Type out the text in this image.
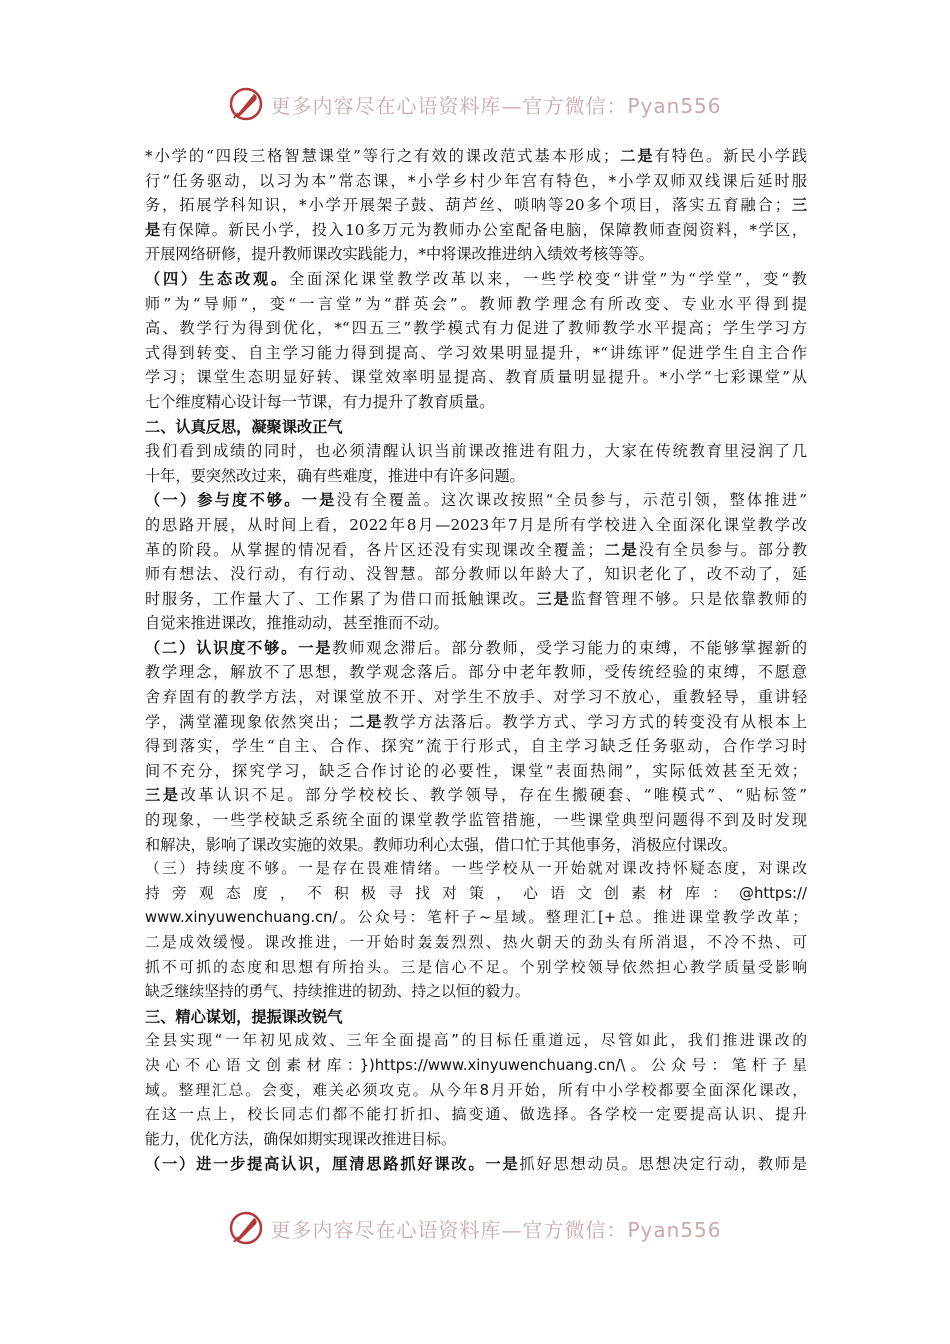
更多内容尽在心语资料库—官方微信：Pyan556
*小学的“四段三格智慧课堂”等行之有效的课改范式基本形成；二是有特色。新民小学践
行“任务驱动，以习为本”常态课，*小学乡村少年宫有特色，*小学双师双线课后延时服
务，拓展学科知识，*小学开展架子鼓、葫芦丝、唢呐等20多个项目，落实五育融合；三
是有保障。新民小学，投入10多万元为教师办公室配备电脑，保障教师查阅资料，*学区，
开展网络研修，提升教师课改实践能力，*中将课改推进纳入绩效考核等等。
（四）生态改观。全面深化课堂教学改革以来，一些学校变“讲堂”为“学堂”，变“教
师”为“导师”，变“一言堂”为“群英会”。教师教学理念有所改变、专业水平得到提
高、教学行为得到优化，*“四五三”教学模式有力促进了教师教学水平提高；学生学习方
式得到转变、自主学习能力得到提高、学习效果明显提升，*“讲练评”促进学生自主合作
学习；课堂生态明显好转、课堂效率明显提高、教育质量明显提升。*小学“七彩课堂”从
七个维度精心设计每一节课，有力提升了教育质量。
二、认真反思，凝聚课改正气
我们看到成绩的同时，也必须清醒认识当前课改推进有阻力，大家在传统教育里浸润了几
十年，要突然改过来，确有些难度，推进中有许多问题。
（一）参与度不够。一是没有全覆盖。这次课改按照“全员参与，示范引领，整体推进”
的思路开展，从时间上看，2022年8月—2023年7月是所有学校进入全面深化课堂教学改
革的阶段。从掌握的情况看，各片区还没有实现课改全覆盖；二是没有全员参与。部分教
师有想法、没行动，有行动、没智慧。部分教师以年龄大了，知识老化了，改不动了，延
时服务，工作量大了、工作累了为借口而抵触课改。三是监督管理不够。只是依靠教师的
自觉来推进课改，推推动动，甚至推而不动。
（二）认识度不够。一是教师观念滞后。部分教师，受学习能力的束缚，不能够掌握新的
教学理念，解放不了思想，教学观念落后。部分中老年教师，受传统经验的束缚，不愿意
舍弃固有的教学方法，对课堂放不开、对学生不放手、对学习不放心，重教轻导，重讲轻
学，满堂灌现象依然突出；二是教学方法落后。教学方式、学习方式的转变没有从根本上
得到落实，学生“自主、合作、探究”流于行形式，自主学习缺乏任务驱动，合作学习时
间不充分，探究学习，缺乏合作讨论的必要性，课堂“表面热闹”，实际低效甚至无效；
三是改革认识不足。部分学校校长、教学领导，存在生搬硬套、“唯模式”、“贴标签”
的现象，一些学校缺乏系统全面的课堂教学监管措施，一些课堂典型问题得不到及时发现
和解决，影响了课改实施的效果。教师功利心太强，借口忙于其他事务，消极应付课改。
（三）持续度不够。一是存在畏难情绪。一些学校从一开始就对课改持怀疑态度，对课改
持 旁 观 态 度 ， 不 积 极 寻 找 对 策 ， 心 语 文 创 素 材 库 ： @https://
www.xinyuwenchuang.cn/。公众号：笔杆子~星域。整理汇[+总。推进课堂教学改革；
二是成效缓慢。课改推进，一开始时轰轰烈烈、热火朝天的劲头有所消退，不冷不热、可
抓不可抓的态度和思想有所抬头。三是信心不足。个别学校领导依然担心教学质量受影响
缺乏继续坚持的勇气、持续推进的韧劲、持之以恒的毅力。
三、精心谋划，提振课改锐气
全县实现“一年初见成效、三年全面提高”的目标任重道远，尽管如此，我们推进课改的
决心不心语文创素材库：})https://www.xinyuwenchuang.cn/\。公众号：笔杆子星
域。整理汇总。会变，难关必须攻克。从今年8月开始，所有中小学校都要全面深化课改，
在这一点上，校长同志们都不能打折扣、搞变通、做选择。各学校一定要提高认识、提升
能力，优化方法，确保如期实现课改推进目标。
（一）进一步提高认识，厘清思路抓好课改。一是抓好思想动员。思想决定行动，教师是
更多内容尽在心语资料库—官方微信：Pyan556
